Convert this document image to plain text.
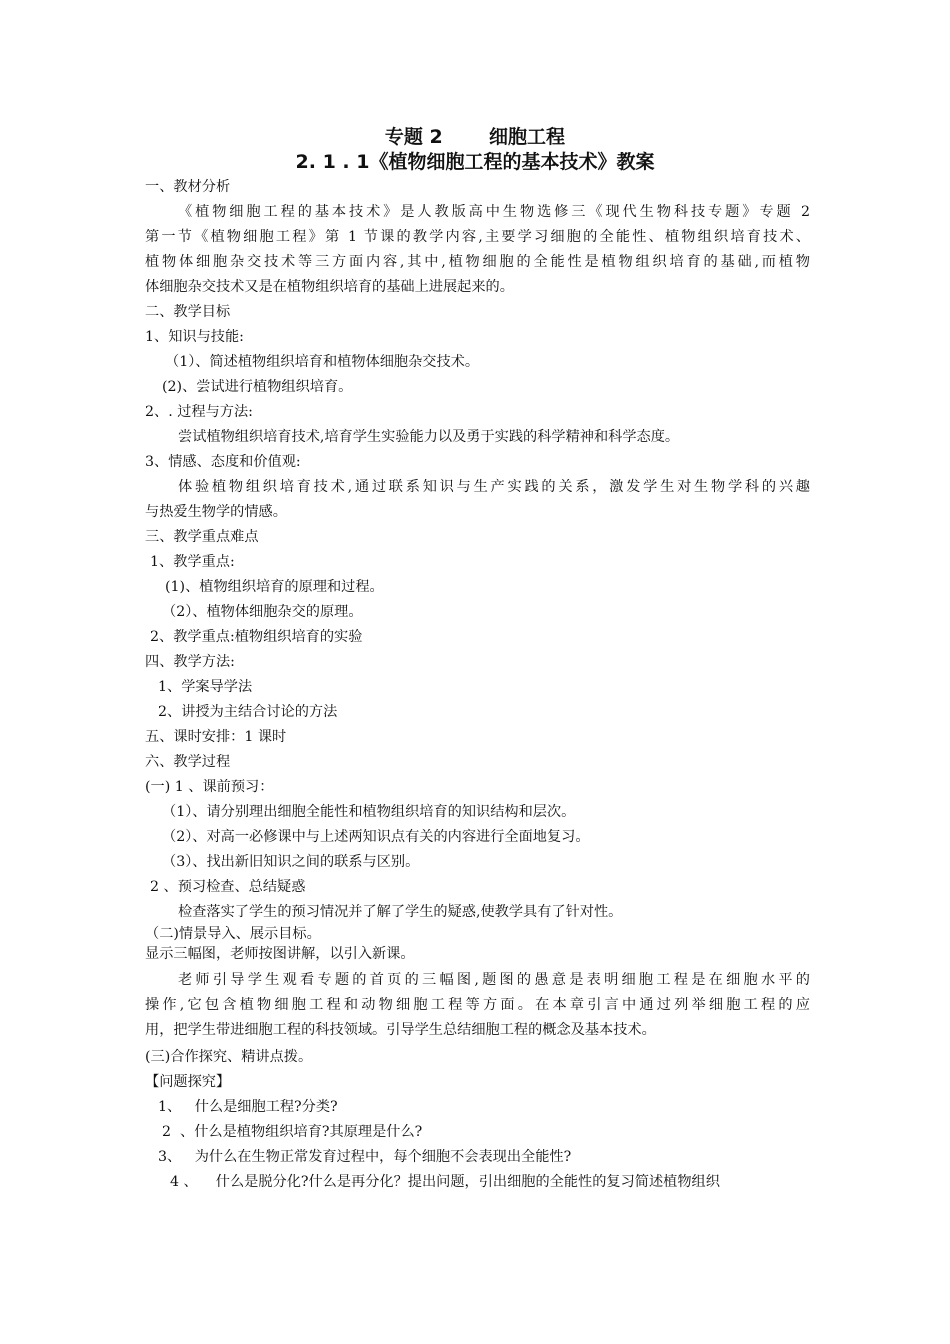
专题 2       细胞工程
2. 1 . 1《植物细胞工程的基本技术》教案
一、教材分析
《植物细胞工程的基本技术》是人教版高中生物选修三《现代生物科技专题》专题 2
第一节《植物细胞工程》第 1 节课的教学内容,主要学习细胞的全能性、植物组织培育技术、
植物体细胞杂交技术等三方面内容,其中,植物细胞的全能性是植物组织培育的基础,而植物
体细胞杂交技术又是在植物组织培育的基础上进展起来的。
二、教学目标
1、知识与技能:
（1）、简述植物组织培育和植物体细胞杂交技术。
(2)、尝试进行植物组织培育。
2、. 过程与方法:
尝试植物组织培育技术,培育学生实验能力以及勇于实践的科学精神和科学态度。
3、情感、态度和价值观:
体验植物组织培育技术,通过联系知识与生产实践的关系，激发学生对生物学科的兴趣
与热爱生物学的情感。
三、教学重点难点
1、教学重点:
(1)、植物组织培育的原理和过程。
（2）、植物体细胞杂交的原理。
2、教学重点:植物组织培育的实验
四、教学方法:
1、学案导学法
2、讲授为主结合讨论的方法
五、课时安排：1 课时
六、教学过程
(一) 1 、课前预习：
（1）、请分别理出细胞全能性和植物组织培育的知识结构和层次。
（2）、对高一必修课中与上述两知识点有关的内容进行全面地复习。
（3）、找出新旧知识之间的联系与区别。
2 、预习检查、总结疑惑
检查落实了学生的预习情况并了解了学生的疑惑,使教学具有了针对性。
（二)情景导入、展示目标。
显示三幅图，老师按图讲解，以引入新课。
老师引导学生观看专题的首页的三幅图,题图的愚意是表明细胞工程是在细胞水平的
操作,它包含植物细胞工程和动物细胞工程等方面。在本章引言中通过列举细胞工程的应
用，把学生带进细胞工程的科技领域。引导学生总结细胞工程的概念及基本技术。
(三)合作探究、精讲点拨。
【问题探究】
1、   什么是细胞工程?分类?
2  、什么是植物组织培育?其原理是什么?
3、   为什么在生物正常发育过程中，每个细胞不会表现出全能性?
4 、    什么是脱分化?什么是再分化？提出问题，引出细胞的全能性的复习简述植物组织
